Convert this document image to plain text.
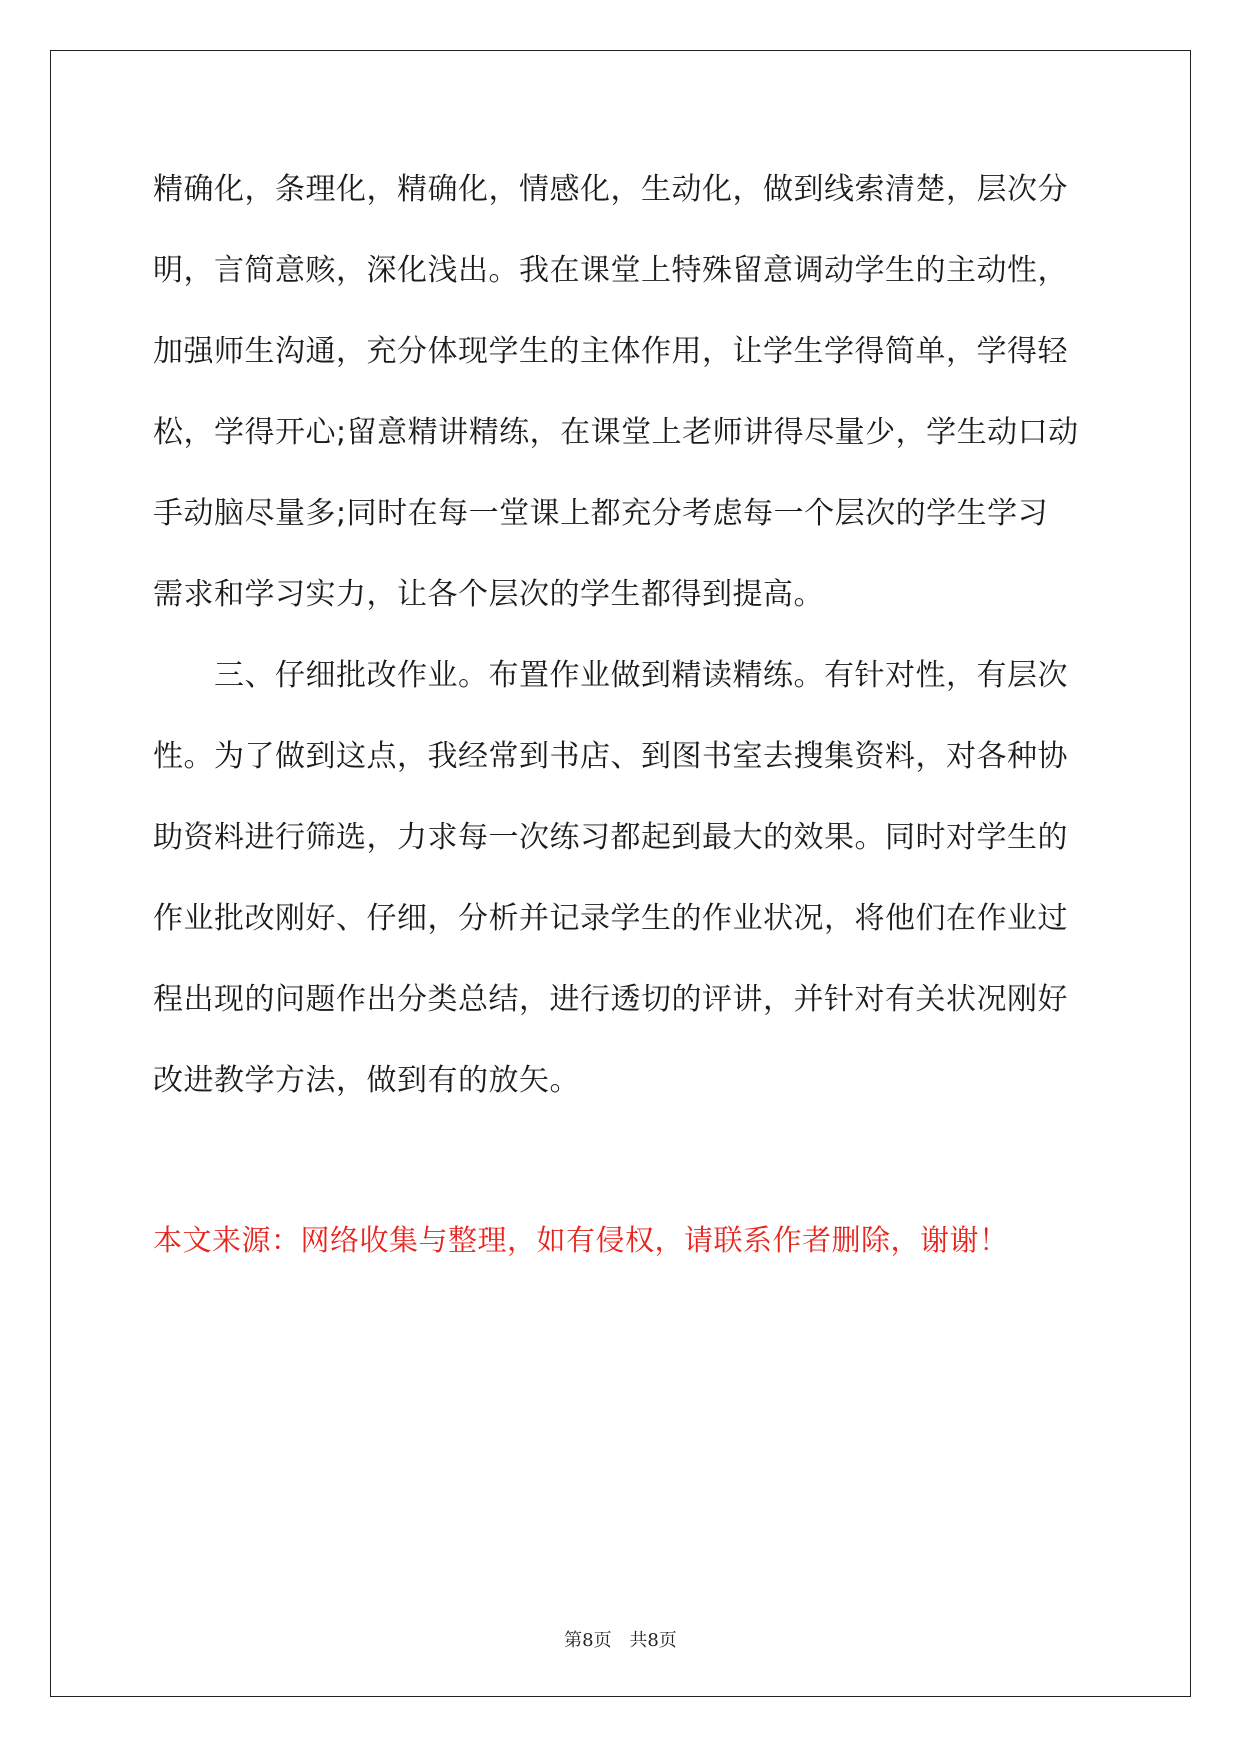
精确化，条理化，精确化，情感化，生动化，做到线索清楚，层次分
明，言简意赅，深化浅出。我在课堂上特殊留意调动学生的主动性，
加强师生沟通，充分体现学生的主体作用，让学生学得简单，学得轻
松，学得开心;留意精讲精练，在课堂上老师讲得尽量少，学生动口动
手动脑尽量多;同时在每一堂课上都充分考虑每一个层次的学生学习
需求和学习实力，让各个层次的学生都得到提高。
　　三、仔细批改作业。布置作业做到精读精练。有针对性，有层次
性。为了做到这点，我经常到书店、到图书室去搜集资料，对各种协
助资料进行筛选，力求每一次练习都起到最大的效果。同时对学生的
作业批改刚好、仔细，分析并记录学生的作业状况，将他们在作业过
程出现的问题作出分类总结，进行透切的评讲，并针对有关状况刚好
改进教学方法，做到有的放矢。
本文来源：网络收集与整理，如有侵权，请联系作者删除，谢谢！
第8页 共8页
